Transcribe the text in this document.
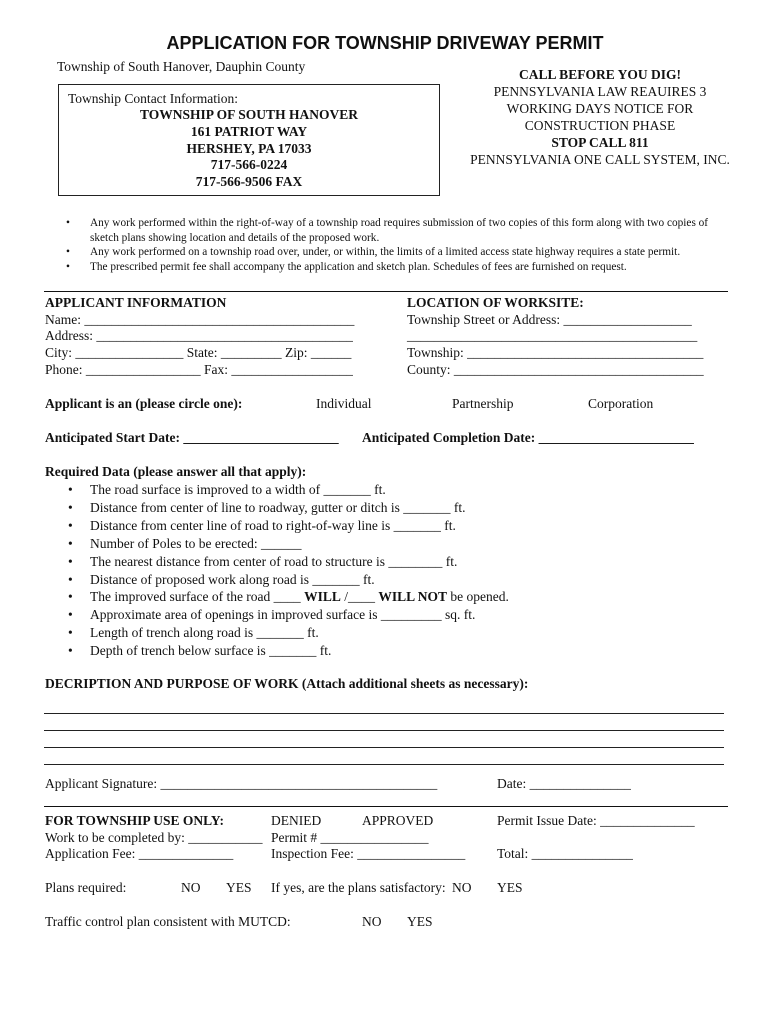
APPLICATION FOR TOWNSHIP DRIVEWAY PERMIT
Township of South Hanover, Dauphin County
Township Contact Information:
TOWNSHIP OF SOUTH HANOVER
161 PATRIOT WAY
HERSHEY, PA 17033
717-566-0224
717-566-9506 FAX
CALL BEFORE YOU DIG!
PENNSYLVANIA LAW REAUIRES 3
WORKING DAYS NOTICE FOR
CONSTRUCTION PHASE
STOP CALL 811
PENNSYLVANIA ONE CALL SYSTEM, INC.

• Any work performed within the right-of-way of a township road requires submission of two copies of this form along with two copies of sketch plans showing location and details of the proposed work.

• Any work performed on a township road over, under, or within, the limits of a limited access state highway requires a state permit.

• The prescribed permit fee shall accompany the application and sketch plan. Schedules of fees are furnished on request.

APPLICANT INFORMATION
Name: ________________________________________
Address: ______________________________________
City: ________________ State: _________ Zip: ______
Phone: _________________ Fax: __________________
LOCATION OF WORKSITE:
Township Street or Address: ___________________
___________________________________________
Township: ___________________________________
County: _____________________________________
Applicant is an (please circle one):	Individual	Partnership	Corporation
Anticipated Start Date: _______________________ Anticipated Completion Date: _______________________
Required Data (please answer all that apply):
• The road surface is improved to a width of _______ ft.
• Distance from center of line to roadway, gutter or ditch is _______ ft.
• Distance from center line of road to right-of-way line is _______ ft.
• Number of Poles to be erected: ______
• The nearest distance from center of road to structure is ________ ft.
• Distance of proposed work along road is _______ ft.
• The improved surface of the road ____ WILL /____ WILL NOT be opened.
• Approximate area of openings in improved surface is _________ sq. ft.
• Length of trench along road is _______ ft.
• Depth of trench below surface is _______ ft.
DECRIPTION AND PURPOSE OF WORK (Attach additional sheets as necessary):
Applicant Signature: _________________________________________	Date: _______________
FOR TOWNSHIP USE ONLY:	DENIED	APPROVED	Permit Issue Date: ______________
Work to be completed by: ___________ Permit # ________________
Application Fee: ______________	Inspection Fee: ________________ Total: _______________
Plans required:	NO YES If yes, are the plans satisfactory: NO YES
Traffic control plan consistent with MUTCD:	NO YES
